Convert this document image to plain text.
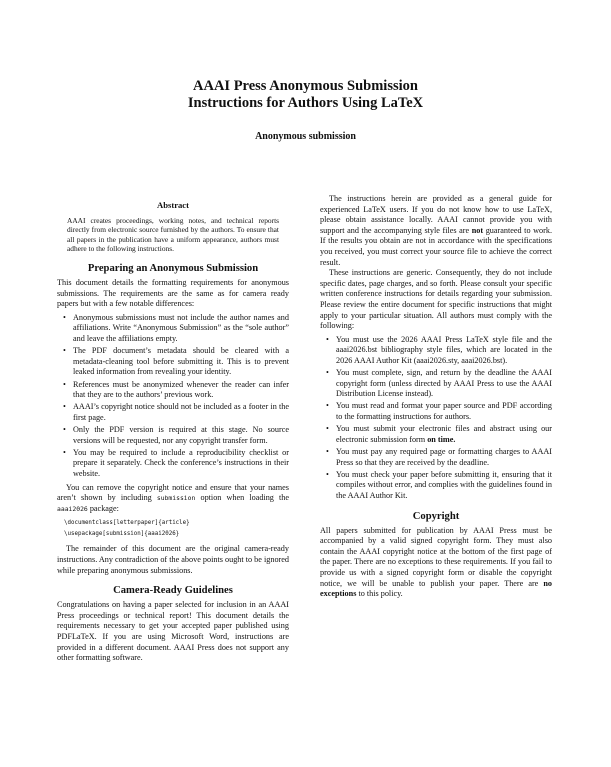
AAAI Press Anonymous Submission
Instructions for Authors Using LaTeX
Anonymous submission
Abstract

AAAI creates proceedings, working notes, and technical reports directly from electronic source furnished by the authors. To ensure that all papers in the publication have a uniform appearance, authors must adhere to the following instructions.

Preparing an Anonymous Submission

This document details the formatting requirements for anonymous submissions. The requirements are the same as for camera ready papers but with a few notable differences:

• Anonymous submissions must not include the author names and affiliations. Write “Anonymous Submission” as the “sole author” and leave the affiliations empty.
• The PDF document’s metadata should be cleared with a metadata-cleaning tool before submitting it. This is to prevent leaked information from revealing your identity.
• References must be anonymized whenever the reader can infer that they are to the authors’ previous work.
• AAAI’s copyright notice should not be included as a footer in the first page.
• Only the PDF version is required at this stage. No source versions will be requested, nor any copyright transfer form.
• You may be required to include a reproducibility checklist or prepare it separately. Check the conference’s instructions in their website.

You can remove the copyright notice and ensure that your names aren’t shown by including submission option when loading the aaai2026 package:

\documentclass[letterpaper]{article}
\usepackage[submission]{aaai2026}

The remainder of this document are the original camera-ready instructions. Any contradiction of the above points ought to be ignored while preparing anonymous submissions.

Camera-Ready Guidelines

Congratulations on having a paper selected for inclusion in an AAAI Press proceedings or technical report! This document details the requirements necessary to get your accepted paper published using PDFLaTeX. If you are using Microsoft Word, instructions are provided in a different document. AAAI Press does not support any other formatting software.

The instructions herein are provided as a general guide for experienced LaTeX users. If you do not know how to use LaTeX, please obtain assistance locally. AAAI cannot provide you with support and the accompanying style files are not guaranteed to work. If the results you obtain are not in accordance with the specifications you received, you must correct your source file to achieve the correct result.

These instructions are generic. Consequently, they do not include specific dates, page charges, and so forth. Please consult your specific written conference instructions for details regarding your submission. Please review the entire document for specific instructions that might apply to your particular situation. All authors must comply with the following:

• You must use the 2026 AAAI Press LaTeX style file and the aaai2026.bst bibliography style files, which are located in the 2026 AAAI Author Kit (aaai2026.sty, aaai2026.bst).
• You must complete, sign, and return by the deadline the AAAI copyright form (unless directed by AAAI Press to use the AAAI Distribution License instead).
• You must read and format your paper source and PDF according to the formatting instructions for authors.
• You must submit your electronic files and abstract using our electronic submission form on time.
• You must pay any required page or formatting charges to AAAI Press so that they are received by the deadline.
• You must check your paper before submitting it, ensuring that it compiles without error, and complies with the guidelines found in the AAAI Author Kit.
Copyright

All papers submitted for publication by AAAI Press must be accompanied by a valid signed copyright form. They must also contain the AAAI copyright notice at the bottom of the first page of the paper. There are no exceptions to these requirements. If you fail to provide us with a signed copyright form or disable the copyright notice, we will be unable to publish your paper. There are no exceptions to this policy.
